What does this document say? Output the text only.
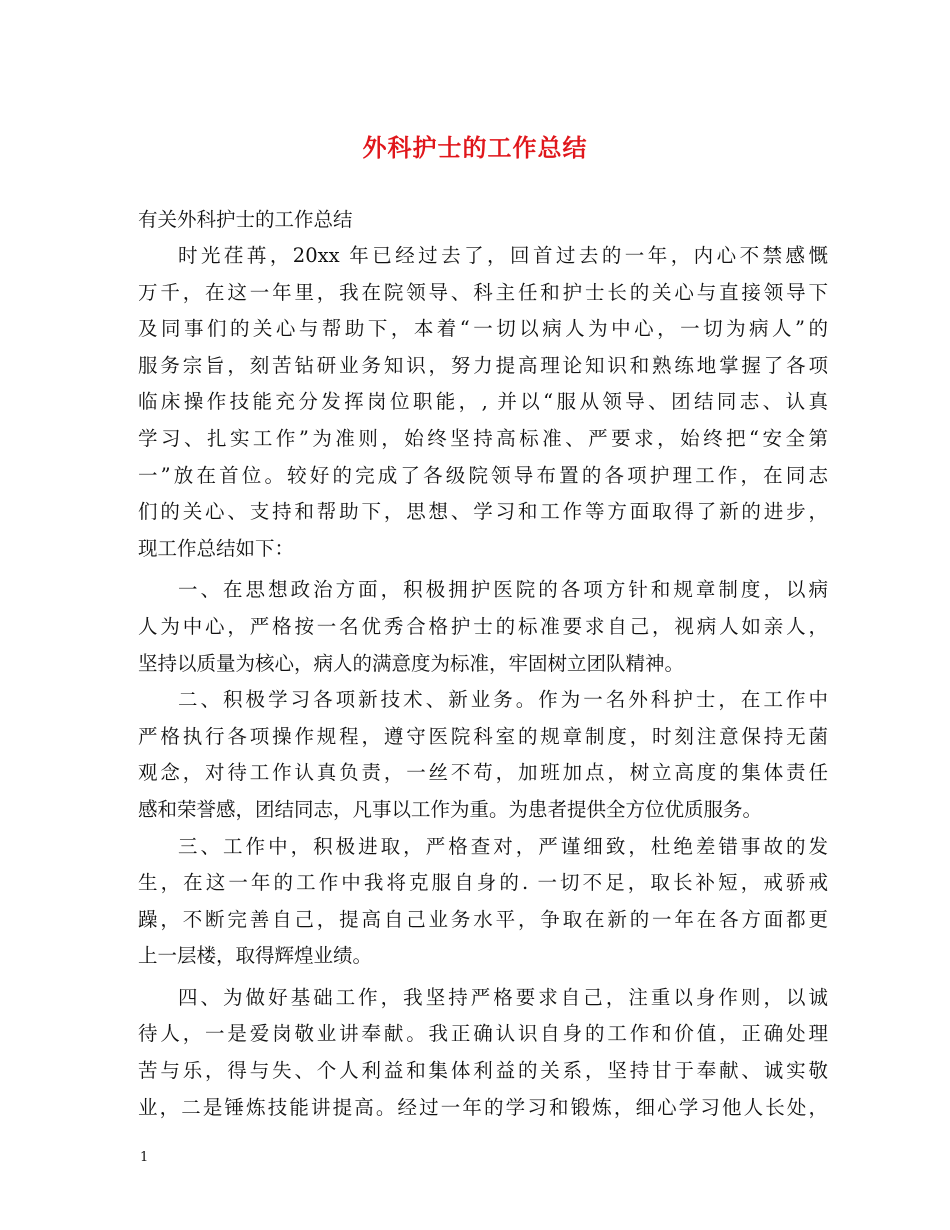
外科护士的工作总结
有关外科护士的工作总结
时光荏苒，20xx 年已经过去了，回首过去的一年，内心不禁感慨
万千，在这一年里，我在院领导、科主任和护士长的关心与直接领导下
及同事们的关心与帮助下，本着“一切以病人为中心，一切为病人”的
服务宗旨，刻苦钻研业务知识，努力提高理论知识和熟练地掌握了各项
临床操作技能充分发挥岗位职能，, 并以“服从领导、团结同志、认真
学习、扎实工作”为准则，始终坚持高标准、严要求，始终把“安全第
一”放在首位。较好的完成了各级院领导布置的各项护理工作，在同志
们的关心、支持和帮助下，思想、学习和工作等方面取得了新的进步，
现工作总结如下：
一、在思想政治方面，积极拥护医院的各项方针和规章制度，以病
人为中心，严格按一名优秀合格护士的标准要求自己，视病人如亲人，
坚持以质量为核心，病人的满意度为标准，牢固树立团队精神。
二、积极学习各项新技术、新业务。作为一名外科护士，在工作中
严格执行各项操作规程，遵守医院科室的规章制度，时刻注意保持无菌
观念，对待工作认真负责，一丝不苟，加班加点，树立高度的集体责任
感和荣誉感，团结同志，凡事以工作为重。为患者提供全方位优质服务。
三、工作中，积极进取，严格查对，严谨细致，杜绝差错事故的发
生，在这一年的工作中我将克服自身的. 一切不足，取长补短，戒骄戒
躁，不断完善自己，提高自己业务水平，争取在新的一年在各方面都更
上一层楼，取得辉煌业绩。
四、为做好基础工作，我坚持严格要求自己，注重以身作则，以诚
待人，一是爱岗敬业讲奉献。我正确认识自身的工作和价值，正确处理
苦与乐，得与失、个人利益和集体利益的关系，坚持甘于奉献、诚实敬
业，二是锤炼技能讲提高。经过一年的学习和锻炼，细心学习他人长处，
1
